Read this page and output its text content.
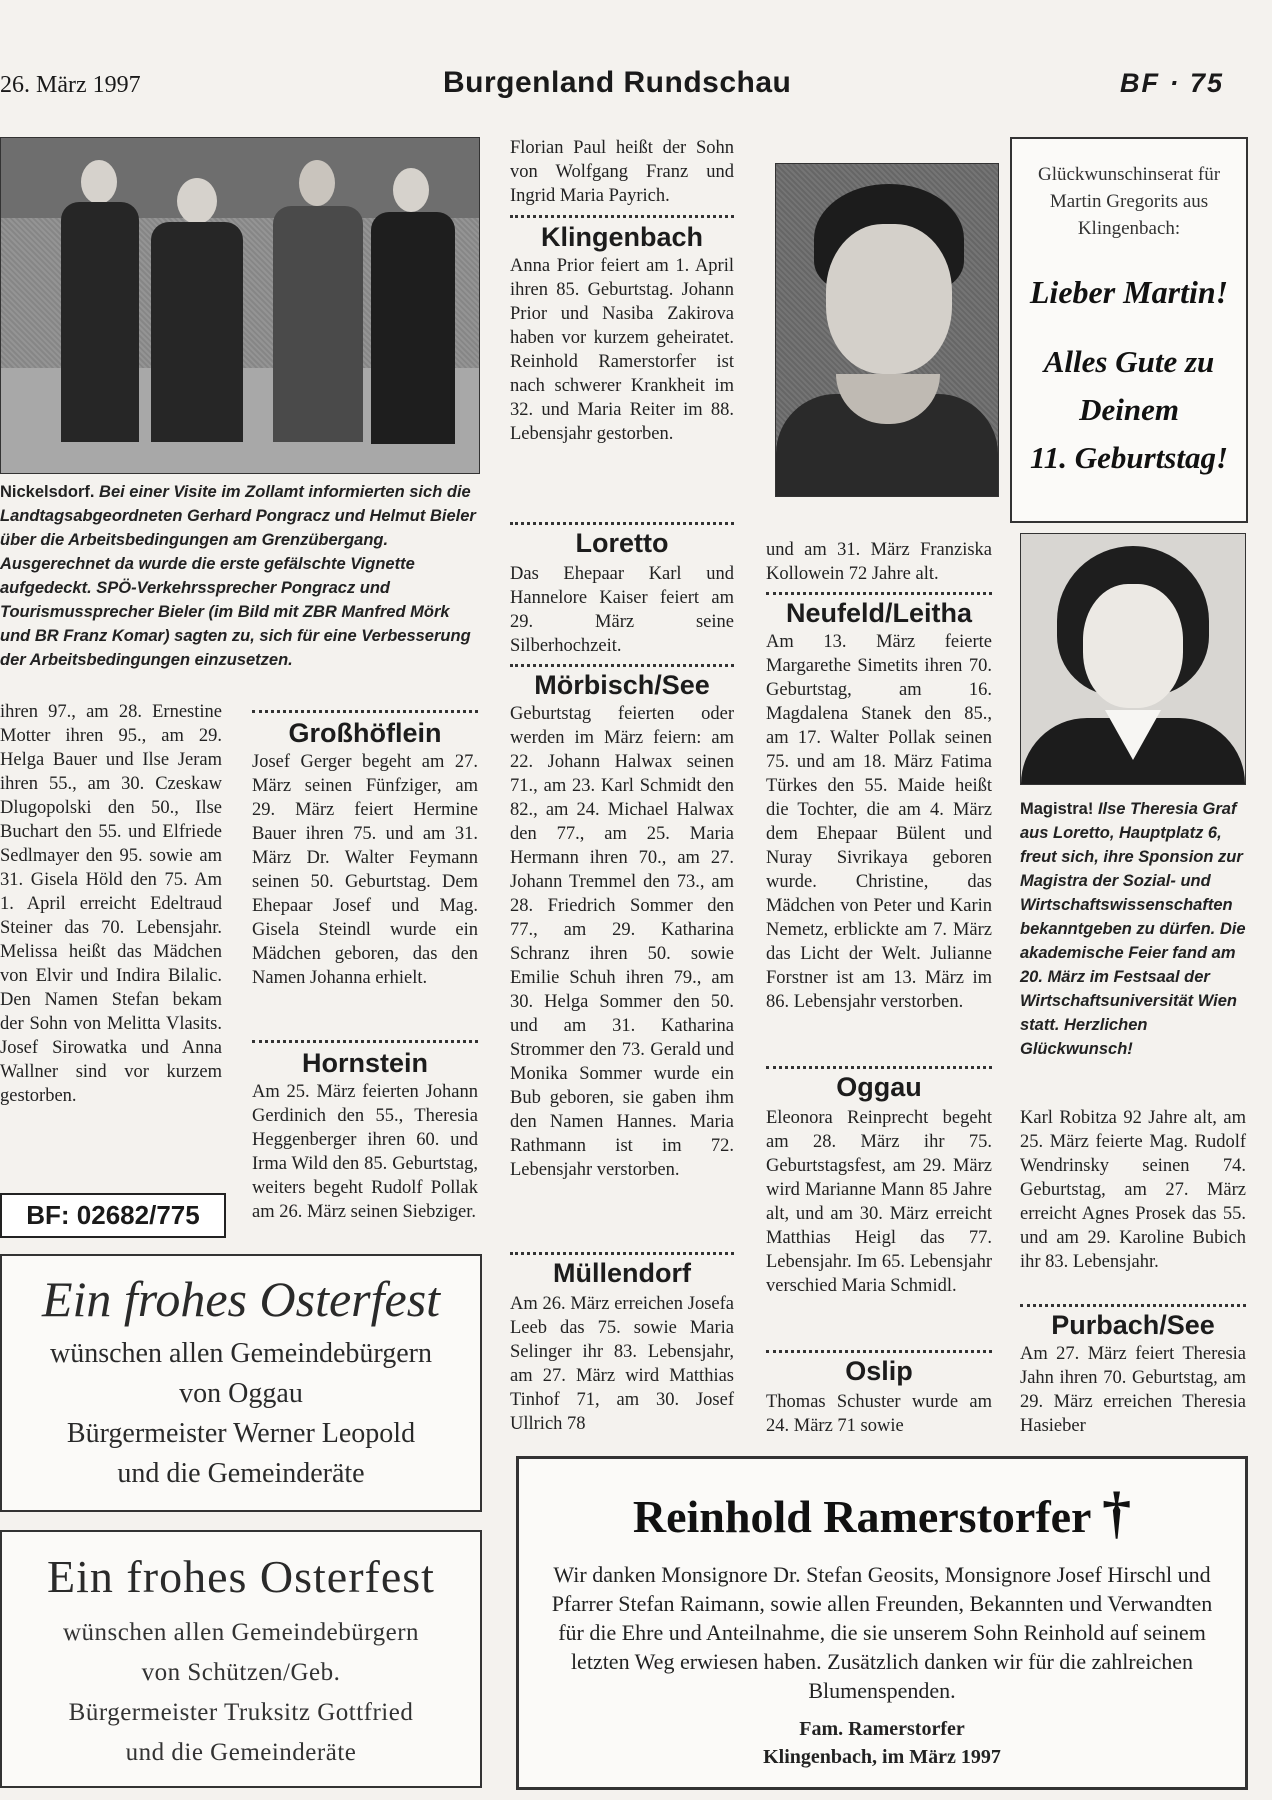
26. März 1997	Burgenland Rundschau	BF · 75
Nickelsdorf. Bei einer Visite im Zollamt informierten sich die Landtagsabgeordneten Gerhard Pongracz und Helmut Bieler über die Arbeitsbedingungen am Grenzübergang. Ausgerechnet da wurde die erste gefälschte Vignette aufgedeckt. SPÖ-Verkehrssprecher Pongracz und Tourismussprecher Bieler (im Bild mit ZBR Manfred Mörk und BR Franz Komar) sagten zu, sich für eine Verbesserung der Arbeitsbedingungen einzusetzen.
ihren 97., am 28. Ernestine Motter ihren 95., am 29. Helga Bauer und Ilse Jeram ihren 55., am 30. Czeskaw Dlugopolski den 50., Ilse Buchart den 55. und Elfriede Sedlmayer den 95. sowie am 31. Gisela Höld den 75. Am 1. April erreicht Edeltraud Steiner das 70. Lebensjahr. Melissa heißt das Mädchen von Elvir und Indira Bilalic. Den Namen Stefan bekam der Sohn von Melitta Vlasits. Josef Sirowatka und Anna Wallner sind vor kurzem gestorben.
BF: 02682/775
Großhöflein
Josef Gerger begeht am 27. März seinen Fünfziger, am 29. März feiert Hermine Bauer ihren 75. und am 31. März Dr. Walter Feymann seinen 50. Geburtstag. Dem Ehepaar Josef und Mag. Gisela Steindl wurde ein Mädchen geboren, das den Namen Johanna erhielt.
Hornstein
Am 25. März feierten Johann Gerdinich den 55., Theresia Heggenberger ihren 60. und Irma Wild den 85. Geburtstag, weiters begeht Rudolf Pollak am 26. März seinen Siebziger.
Florian Paul heißt der Sohn von Wolfgang Franz und Ingrid Maria Payrich.
Klingenbach
Anna Prior feiert am 1. April ihren 85. Geburtstag. Johann Prior und Nasiba Zakirova haben vor kurzem geheiratet. Reinhold Ramerstorfer ist nach schwerer Krankheit im 32. und Maria Reiter im 88. Lebensjahr gestorben.
Loretto
Das Ehepaar Karl und Hannelore Kaiser feiert am 29. März seine Silberhochzeit.
Mörbisch/See
Geburtstag feierten oder werden im März feiern: am 22. Johann Halwax seinen 71., am 23. Karl Schmidt den 82., am 24. Michael Halwax den 77., am 25. Maria Hermann ihren 70., am 27. Johann Tremmel den 73., am 28. Friedrich Sommer den 77., am 29. Katharina Schranz ihren 50. sowie Emilie Schuh ihren 79., am 30. Helga Sommer den 50. und am 31. Katharina Strommer den 73. Gerald und Monika Sommer wurde ein Bub geboren, sie gaben ihm den Namen Hannes. Maria Rathmann ist im 72. Lebensjahr verstorben.
Müllendorf
Am 26. März erreichen Josefa Leeb das 75. sowie Maria Selinger ihr 83. Lebensjahr, am 27. März wird Matthias Tinhof 71, am 30. Josef Ullrich 78
Glückwunschinserat für Martin Gregorits aus Klingenbach:
Lieber Martin!
Alles Gute zu
Deinem
11. Geburtstag!
und am 31. März Franziska Kollowein 72 Jahre alt.
Neufeld/Leitha
Am 13. März feierte Margarethe Simetits ihren 70. Geburtstag, am 16. Magdalena Stanek den 85., am 17. Walter Pollak seinen 75. und am 18. März Fatima Türkes den 55. Maide heißt die Tochter, die am 4. März dem Ehepaar Bülent und Nuray Sivrikaya geboren wurde. Christine, das Mädchen von Peter und Karin Nemetz, erblickte am 7. März das Licht der Welt. Julianne Forstner ist am 13. März im 86. Lebensjahr verstorben.
Oggau
Eleonora Reinprecht begeht am 28. März ihr 75. Geburtstagsfest, am 29. März wird Marianne Mann 85 Jahre alt, und am 30. März erreicht Matthias Heigl das 77. Lebensjahr. Im 65. Lebensjahr verschied Maria Schmidl.
Oslip
Thomas Schuster wurde am 24. März 71 sowie
Magistra! Ilse Theresia Graf aus Loretto, Hauptplatz 6, freut sich, ihre Sponsion zur Magistra der Sozial- und Wirtschaftswissenschaften bekanntgeben zu dürfen. Die akademische Feier fand am 20. März im Festsaal der Wirtschaftsuniversität Wien statt. Herzlichen Glückwunsch!
Karl Robitza 92 Jahre alt, am 25. März feierte Mag. Rudolf Wendrinsky seinen 74. Geburtstag, am 27. März erreicht Agnes Prosek das 55. und am 29. Karoline Bubich ihr 83. Lebensjahr.
Purbach/See
Am 27. März feiert Theresia Jahn ihren 70. Geburtstag, am 29. März erreichen Theresia Hasieber
Ein frohes Osterfest
wünschen allen Gemeindebürgern
von Oggau
Bürgermeister Werner Leopold
und die Gemeinderäte
Ein frohes Osterfest
wünschen allen Gemeindebürgern
von Schützen/Geb.
Bürgermeister Truksitz Gottfried
und die Gemeinderäte
Reinhold Ramerstorfer †
Wir danken Monsignore Dr. Stefan Geosits, Monsignore Josef Hirschl und Pfarrer Stefan Raimann, sowie allen Freunden, Bekannten und Verwandten für die Ehre und Anteilnahme, die sie unserem Sohn Reinhold auf seinem letzten Weg erwiesen haben. Zusätzlich danken wir für die zahlreichen Blumenspenden.
Fam. Ramerstorfer
Klingenbach, im März 1997
